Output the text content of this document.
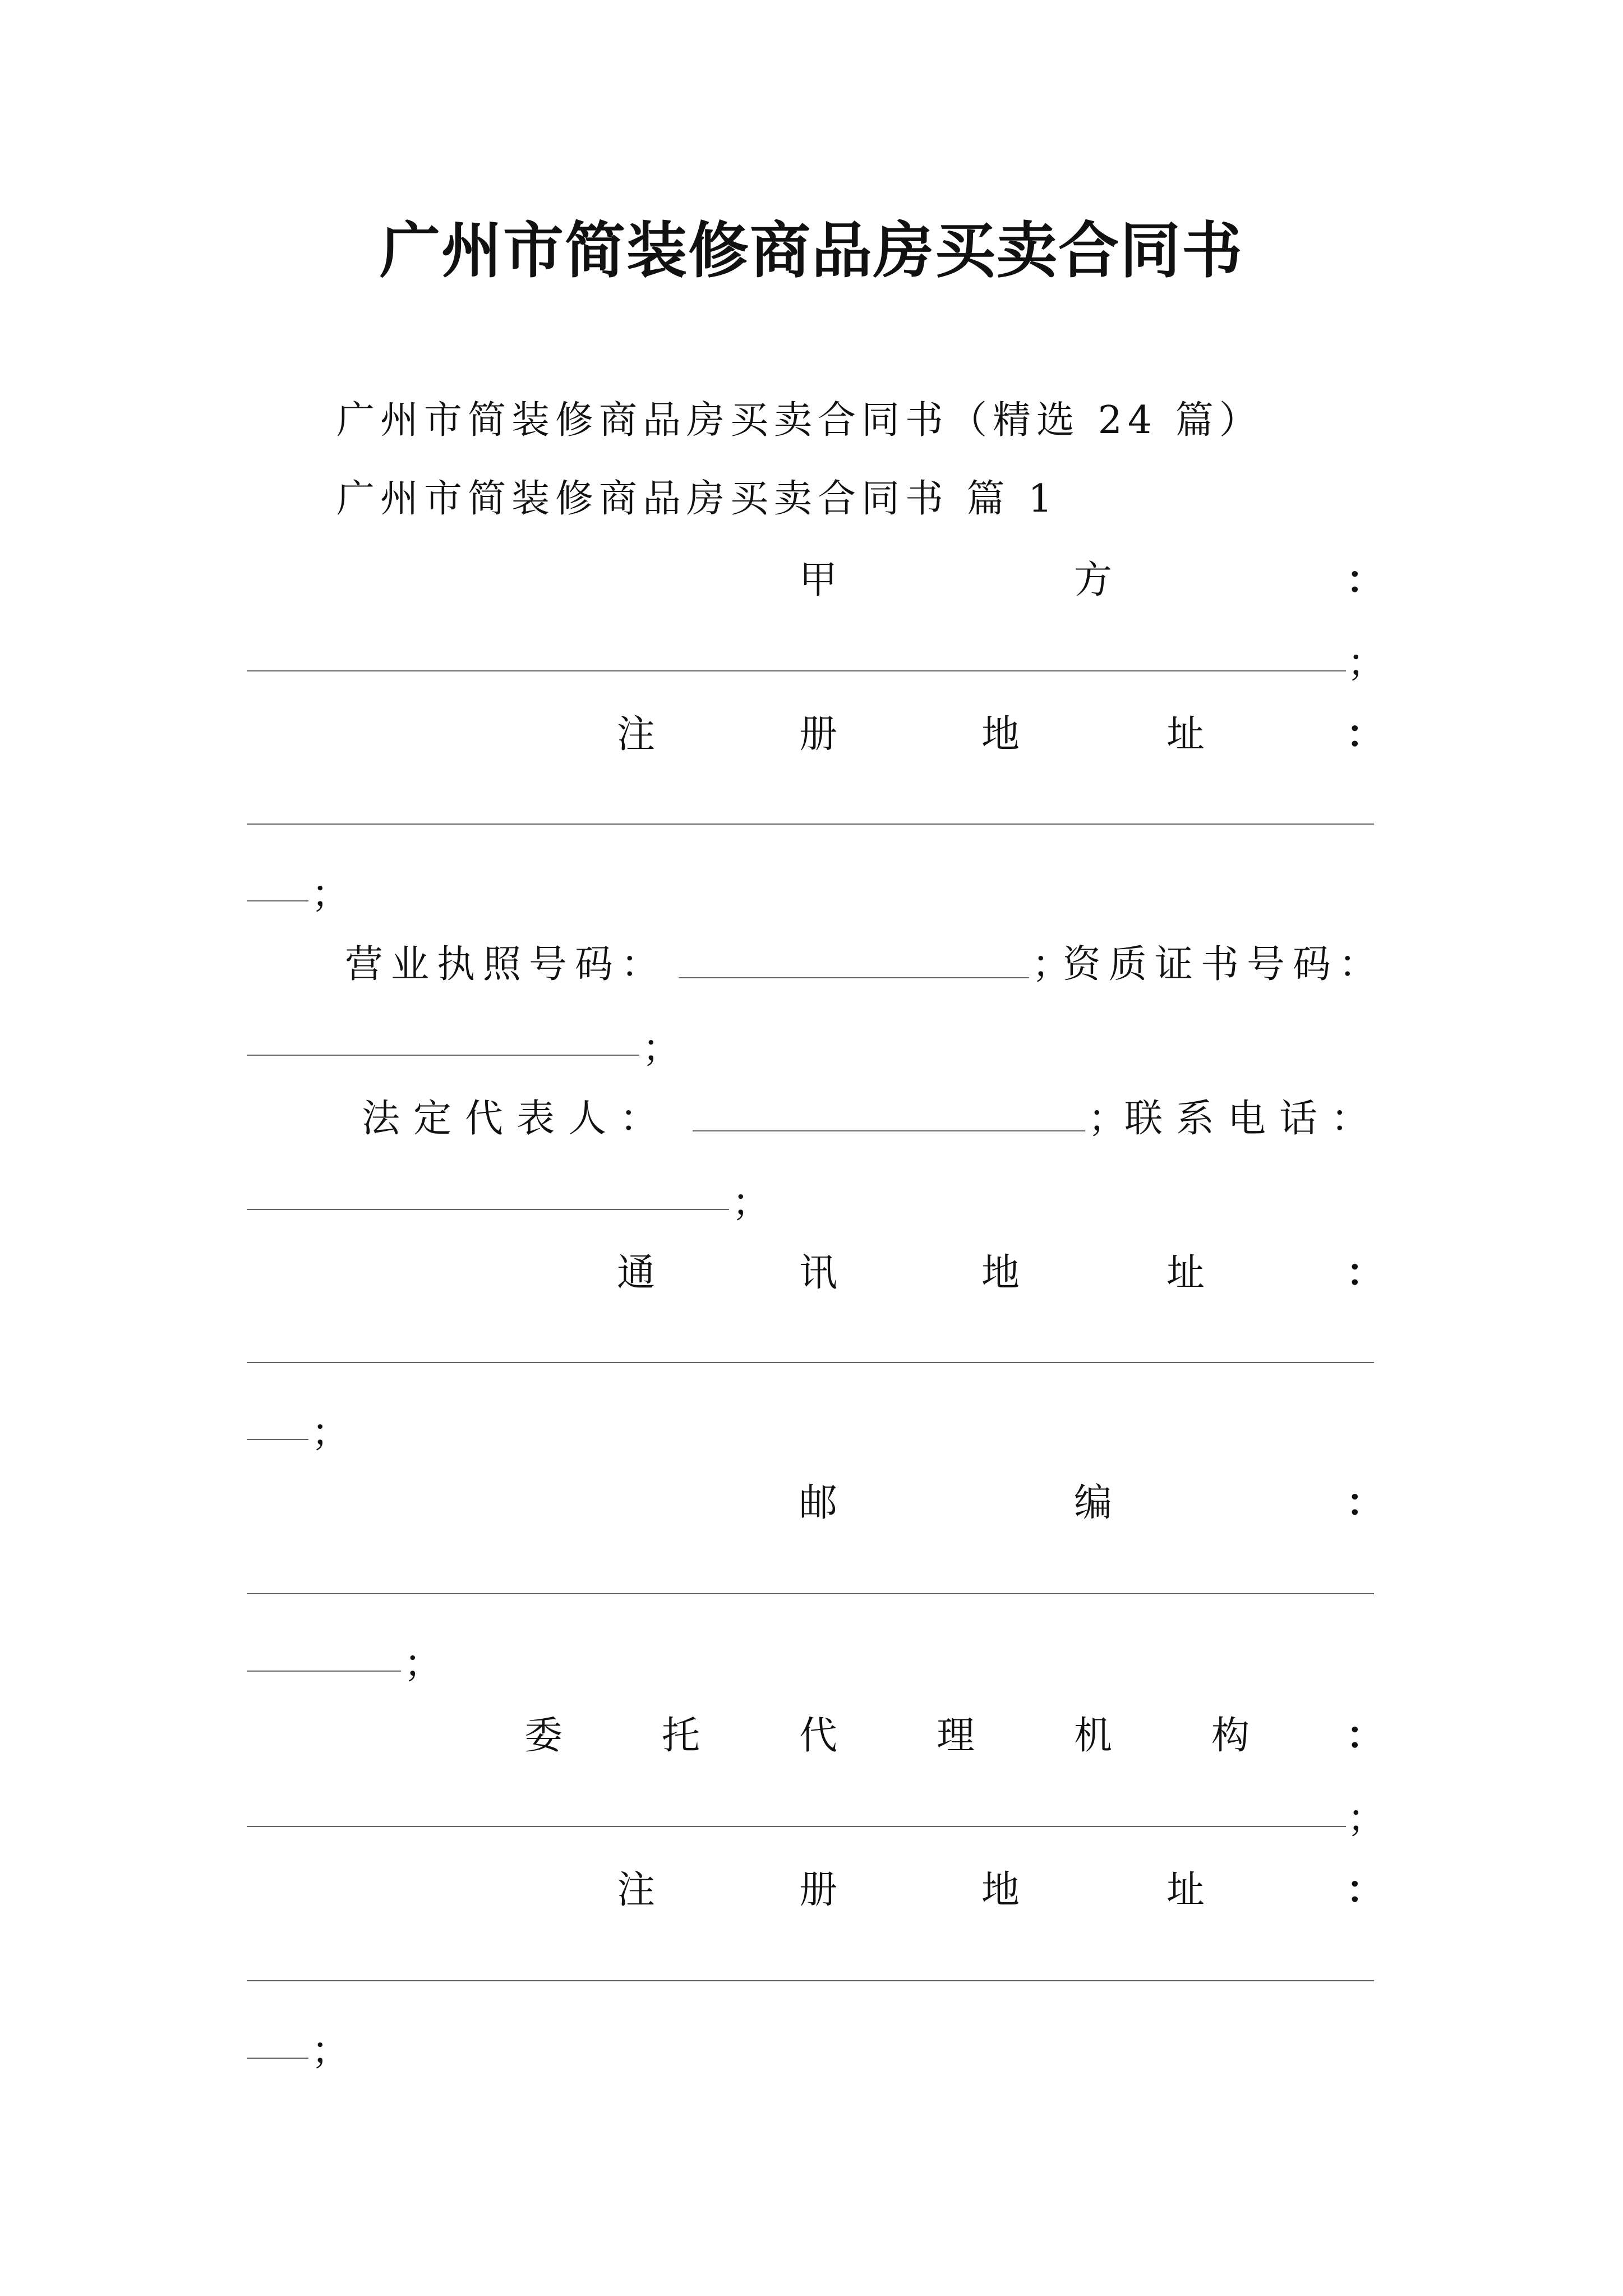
广州市简装修商品房买卖合同书
广州市简装修商品房买卖合同书（精选 24 篇）
广州市简装修商品房买卖合同书 篇 1
甲	方	：
；
注	册	地	址	：
；
营业执照号码：	；
资质证书号码：
；
法定代表人：	；
联系电话：
；
通	讯	地	址	：
；
邮	编	：
；
委	托	代	理	机	构	：
；
注	册	地	址	：
；
